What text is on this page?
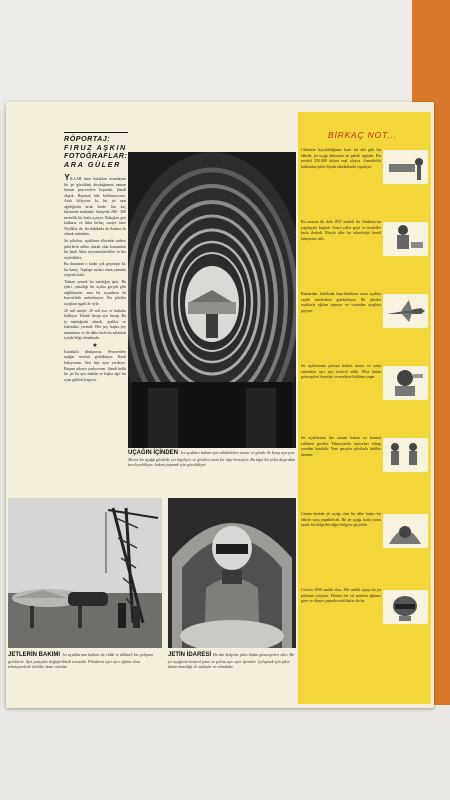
RÖPORTAJ:
FIRUZ AŞKIN
FOTOĞRAFLAR:
ARA GÜLER

YILLAR önce kulakları tırmalayan bir jet gürültüsü duyduğumuz zaman hemen pencerelere koşardık. Şimdi alıştık. Başımın bile kaldırmıyoruz. Artık biliyoruz ki, bir jet saat ağırlığında artık bizde bin kaç kilometre maktadır. Saniyede 280 - 300 metrelik bir hızla uçuyor. Bakışları göz kalkarız ve daha birkaç saniye önce Yeşilköy de, iki dakikada da Ankara da olmak mümkün.

Jet pilotları, uçakların ellerinde sadece şehirlerin adları olarak olan konumları bir hayli Atlas seyretmektedirler ve biz söyledikler.

Bu durumun o kadar çok geçmiştir ki, bir haraç. Topkapı surları onun yanında yepyeni kalır.

Tahsatı yemek bu mesleğin işini. Bu işleri, yanızlığı bir açıkta gerçek gibi sağlıklarıdır ama bir uçanların da kuvvetlidir anlatılmıyor. Bu pilotlar uçuşlara işgali de öyle.

20 mil saniye, 20 mil asır ve haftalar kalkıyor. Teknik hesap ayrı hesap. Bu iş mantığında olmak, uçaklar ve bakımları yerinde. Her şey başka şey tanımlanır ve de daha fazla bu anlatılan içinde bilgi olmaktadır.

★

İstanbul'a dönüyoruz. Pencereden uçağın motorü gözlüküyor. Kaslı bakıyorum. Sesi hep aynı yerdeyiz. Başımı arkaya yaslıyorum. Şimdi belki bir jet bu ayrı mekân ve başka ağır bir uçan gökleri kapıyor.

UÇAĞIN İÇİNDEN Jet uçakları bakım için sökülebilen motor ve gövde ile karşı ayırıyor. Motor bu uçağa gövdede yer kaplıyor ve gövdesi uzun bir tüpe benziyor. Bu tüpü bir pilot dışarıdan inceleyebiliyor, bakım yapmak için görebiliyor.
JETLERİN BAKIMI Jet uçaklarının bakımı ile ciddi ve dikkatli bir çalışma gerektirir. Ayrı parçalar değiştirilmek zorunda. Pilotların ayrı ayrı eğitim alan teknisyenlerle birlikte hazır olurlar.
JETİN İDARESİ Bu dar kokpitte pilot bütün göstergeleri izler. Bir jet uçağının kontrol pano ve pilotu ayrı ayrı işlemler. Çalışmak için pilot bütün basitliği ile sahiptir ve olmalıdır.
BİRKAÇ NOT...
Cebimize koyabildiğimiz basit bir alet gibi bir ülkede, jet uçağı dünyanın en pahalı taşıtıdır. Bir modeli 250.000 dolara mal oluyor. Amerika'da kullanılan jetler büyük fabrikalarda yapılıyor.
Bu tasarım ilk defa 1937 modeli bir Gladiator'un yapılışıyla başladı. Sonra yıllar geçti ve modeller hızla ilerledi. Birçok ülke bu teknolojiyi kendi bünyesine aldı.
Bunlardan, fabrikada hazırlandıktan sonra uçaklar çeşitli merkezlere gönderiliyor. İlk pilotlar uçaklarla eğitim yapıyor ve sonradan uçuşlara geçiyor.
Jet uçaklarında pilotun kabini, motor ve yakıt sistemleri ayrı ayrı kontrol edilir. Pilot bütün göstergeleri denetler ve merkeze bildirim yapar.
Jet uçaklarının her zaman bakım ve kontrol edilmesi gerekir. Teknisyenler motorları söküp yeniden kurabilir. Yeni parçalar pilotlarla birlikte denenir.
Günün birinde jet uçağı olan bir ülke başka bir ülkeye uçuş yapabilecek. Bir jet uçağı, hızla yarım saatte bir bölgeden diğer bölgeye geçebilir.
Cesa'en 3000 saatlik olan, 286 saatlik uçuşa bir jet pilotunu yetiştirir. Pilotlar her yıl yeniden eğitime girer ve dünya çapında sertifikalar alırlar.
